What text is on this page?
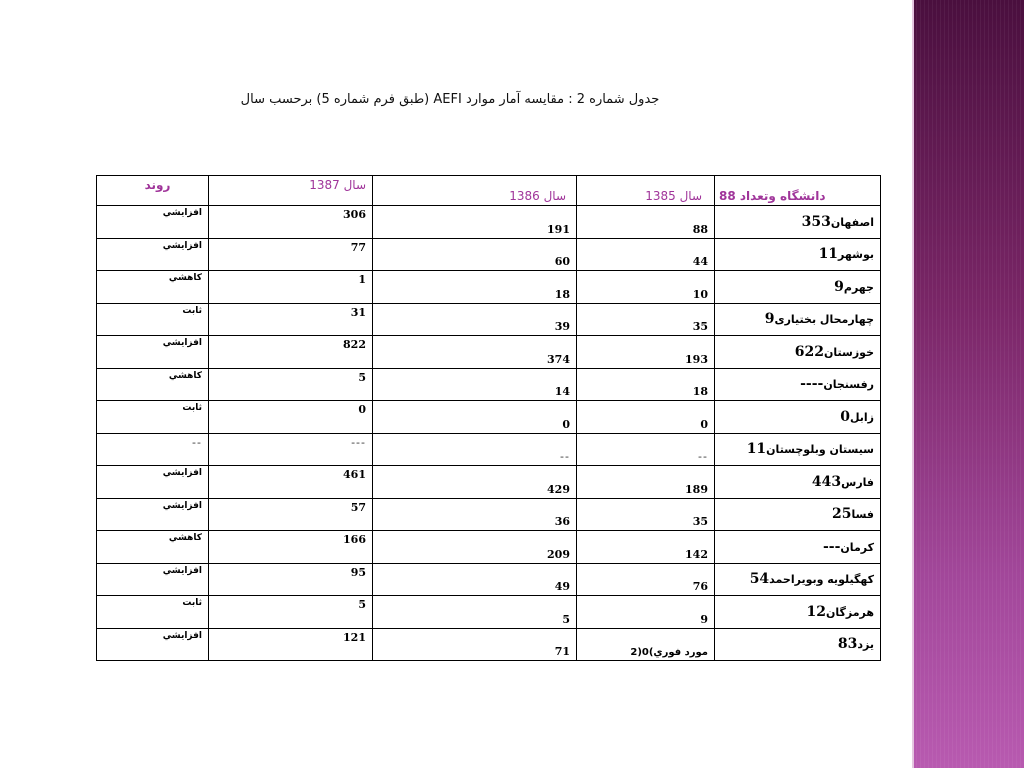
جدول شماره 2 : مقایسه آمار موارد AEFI (طبق فرم شماره 5) برحسب سال
روند	سال 1387	سال 1386	سال 1385	دانشگاه وتعداد 88

افزايشي	306	191	88	اصفهان353

افزايشي	77	60	44	بوشهر11

کاهشي	1	18	10	جهرم9

ثابت	31	39	35	چهارمحال بختیاری9

افزايشي	822	374	193	خوزستان622

کاهشي	5	14	18	رفسنجان----

ثابت	0	0	0	زابل0

--	---	--	--	سیستان وبلوچستان11

افزايشي	461	429	189	فارس443

افزايشي	57	36	35	فسا25

کاهشي	166	209	142	کرمان---

افزايشي	95	49	76	کهگیلویه وبویراحمد54

ثابت	5	5	9	هرمزگان12

افزايشي	121	71	مورد فوري)0(2	یزد83
